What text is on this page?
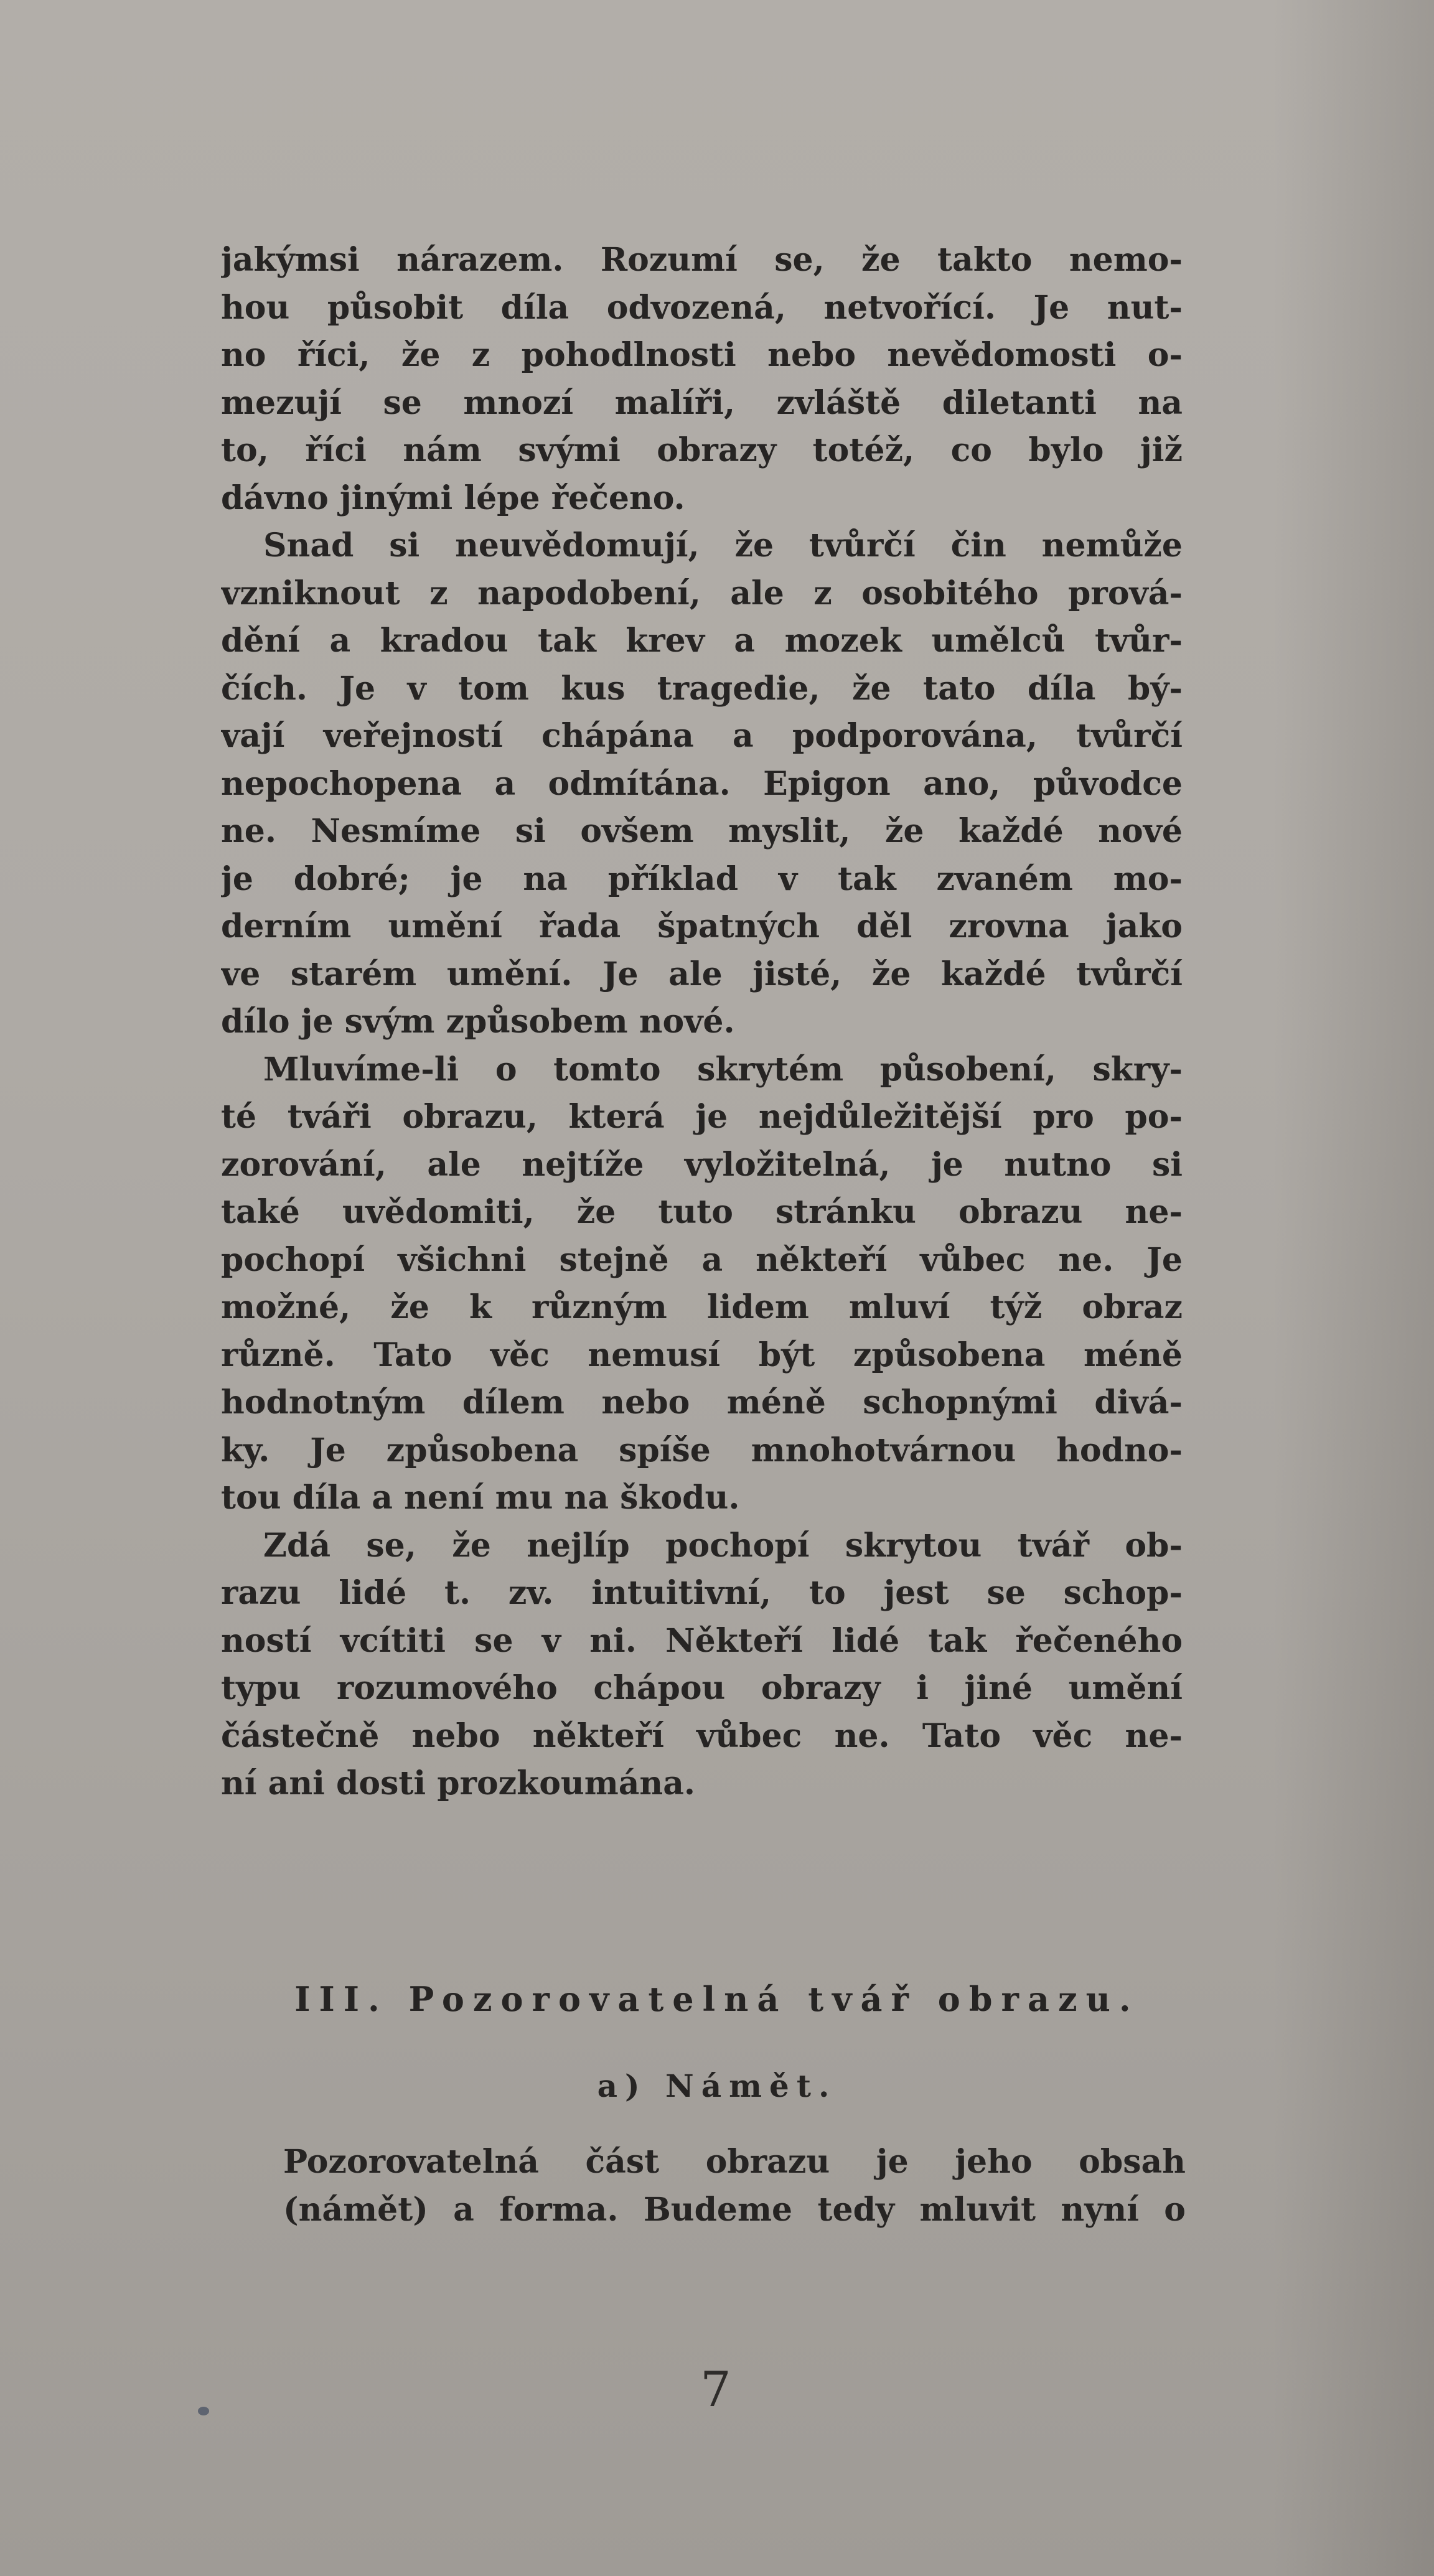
jakýmsi nárazem. Rozumí se, že takto nemo-
hou působit díla odvozená, netvořící. Je nut-
no říci, že z pohodlnosti nebo nevědomosti o-
mezují se mnozí malíři, zvláště diletanti na
to, říci nám svými obrazy totéž, co bylo již
dávno jinými lépe řečeno.
Snad si neuvědomují, že tvůrčí čin nemůže
vzniknout z napodobení, ale z osobitého prová-
dění a kradou tak krev a mozek umělců tvůr-
čích. Je v tom kus tragedie, že tato díla bý-
vají veřejností chápána a podporována, tvůrčí
nepochopena a odmítána. Epigon ano, původce
ne. Nesmíme si ovšem myslit, že každé nové
je dobré; je na příklad v tak zvaném mo-
derním umění řada špatných děl zrovna jako
ve starém umění. Je ale jisté, že každé tvůrčí
dílo je svým způsobem nové.
Mluvíme-li o tomto skrytém působení, skry-
té tváři obrazu, která je nejdůležitější pro po-
zorování, ale nejtíže vyložitelná, je nutno si
také uvědomiti, že tuto stránku obrazu ne-
pochopí všichni stejně a někteří vůbec ne. Je
možné, že k různým lidem mluví týž obraz
různě. Tato věc nemusí být způsobena méně
hodnotným dílem nebo méně schopnými divá-
ky. Je způsobena spíše mnohotvárnou hodno-
tou díla a není mu na škodu.
Zdá se, že nejlíp pochopí skrytou tvář ob-
razu lidé t. zv. intuitivní, to jest se schop-
ností vcítiti se v ni. Někteří lidé tak řečeného
typu rozumového chápou obrazy i jiné umění
částečně nebo někteří vůbec ne. Tato věc ne-
ní ani dosti prozkoumána.
III. Pozorovatelná tvář obrazu.
a) Námět.
Pozorovatelná část obrazu je jeho obsah
(námět) a forma. Budeme tedy mluvit nyní o
7
